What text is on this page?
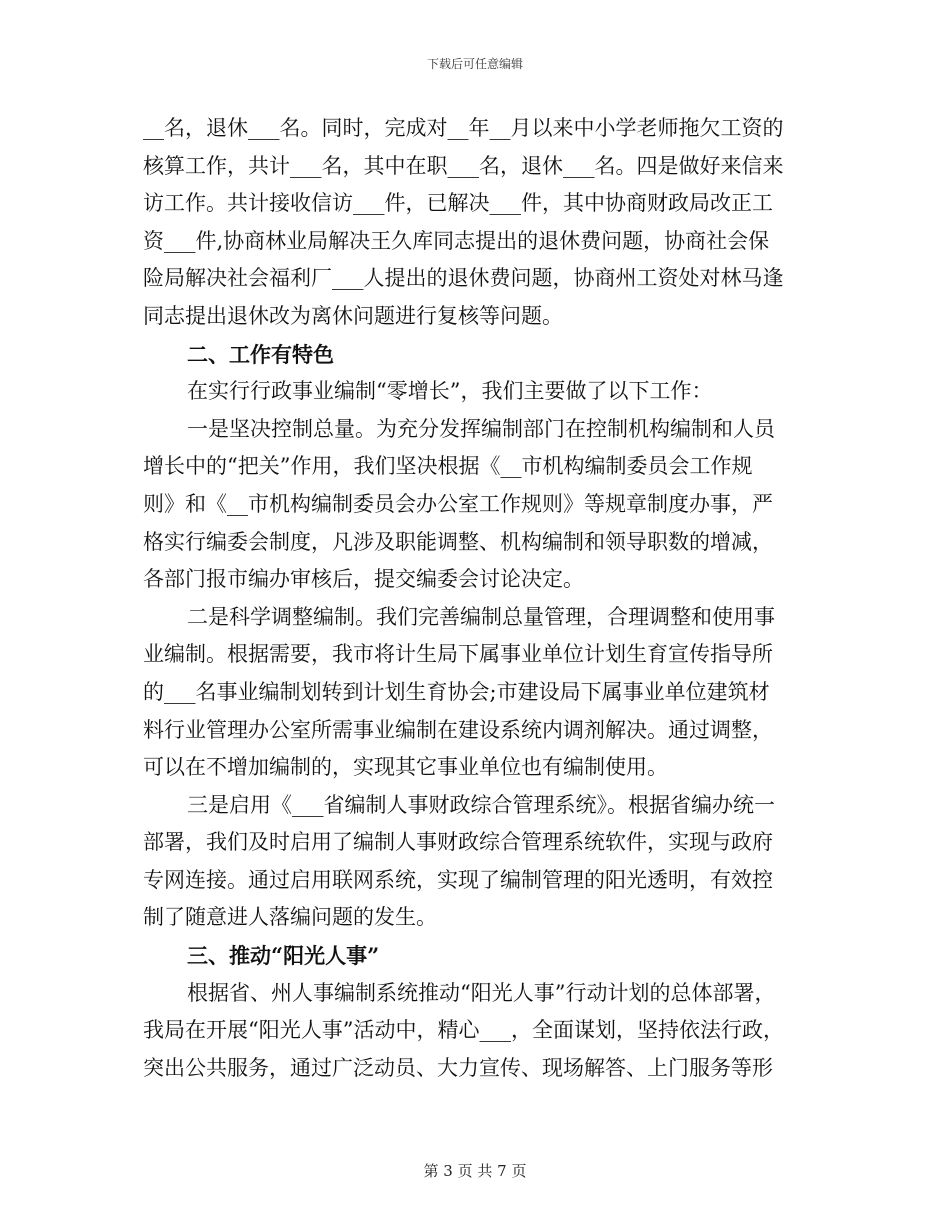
下载后可任意编辑
__名，退休___名。同时，完成对__年__月以来中小学老师拖欠工资的
核算工作，共计___名，其中在职___名，退休___名。四是做好来信来
访工作。共计接收信访___件，已解决___件，其中协商财政局改正工
资___件,协商林业局解决王久库同志提出的退休费问题，协商社会保
险局解决社会福利厂___人提出的退休费问题，协商州工资处对林马逢
同志提出退休改为离休问题进行复核等问题。
二、工作有特色
在实行行政事业编制“零增长”，我们主要做了以下工作：
一是坚决控制总量。为充分发挥编制部门在控制机构编制和人员
增长中的“把关”作用，我们坚决根据《__市机构编制委员会工作规
则》和《__市机构编制委员会办公室工作规则》等规章制度办事，严
格实行编委会制度，凡涉及职能调整、机构编制和领导职数的增减，
各部门报市编办审核后，提交编委会讨论决定。
二是科学调整编制。我们完善编制总量管理，合理调整和使用事
业编制。根据需要，我市将计生局下属事业单位计划生育宣传指导所
的___名事业编制划转到计划生育协会;市建设局下属事业单位建筑材
料行业管理办公室所需事业编制在建设系统内调剂解决。通过调整，
可以在不增加编制的，实现其它事业单位也有编制使用。
三是启用《___省编制人事财政综合管理系统》。根据省编办统一
部署，我们及时启用了编制人事财政综合管理系统软件，实现与政府
专网连接。通过启用联网系统，实现了编制管理的阳光透明，有效控
制了随意进人落编问题的发生。
三、推动“阳光人事”
根据省、州人事编制系统推动“阳光人事”行动计划的总体部署，
我局在开展“阳光人事”活动中，精心___，全面谋划，坚持依法行政，
突出公共服务，通过广泛动员、大力宣传、现场解答、上门服务等形
第 3 页 共 7 页
